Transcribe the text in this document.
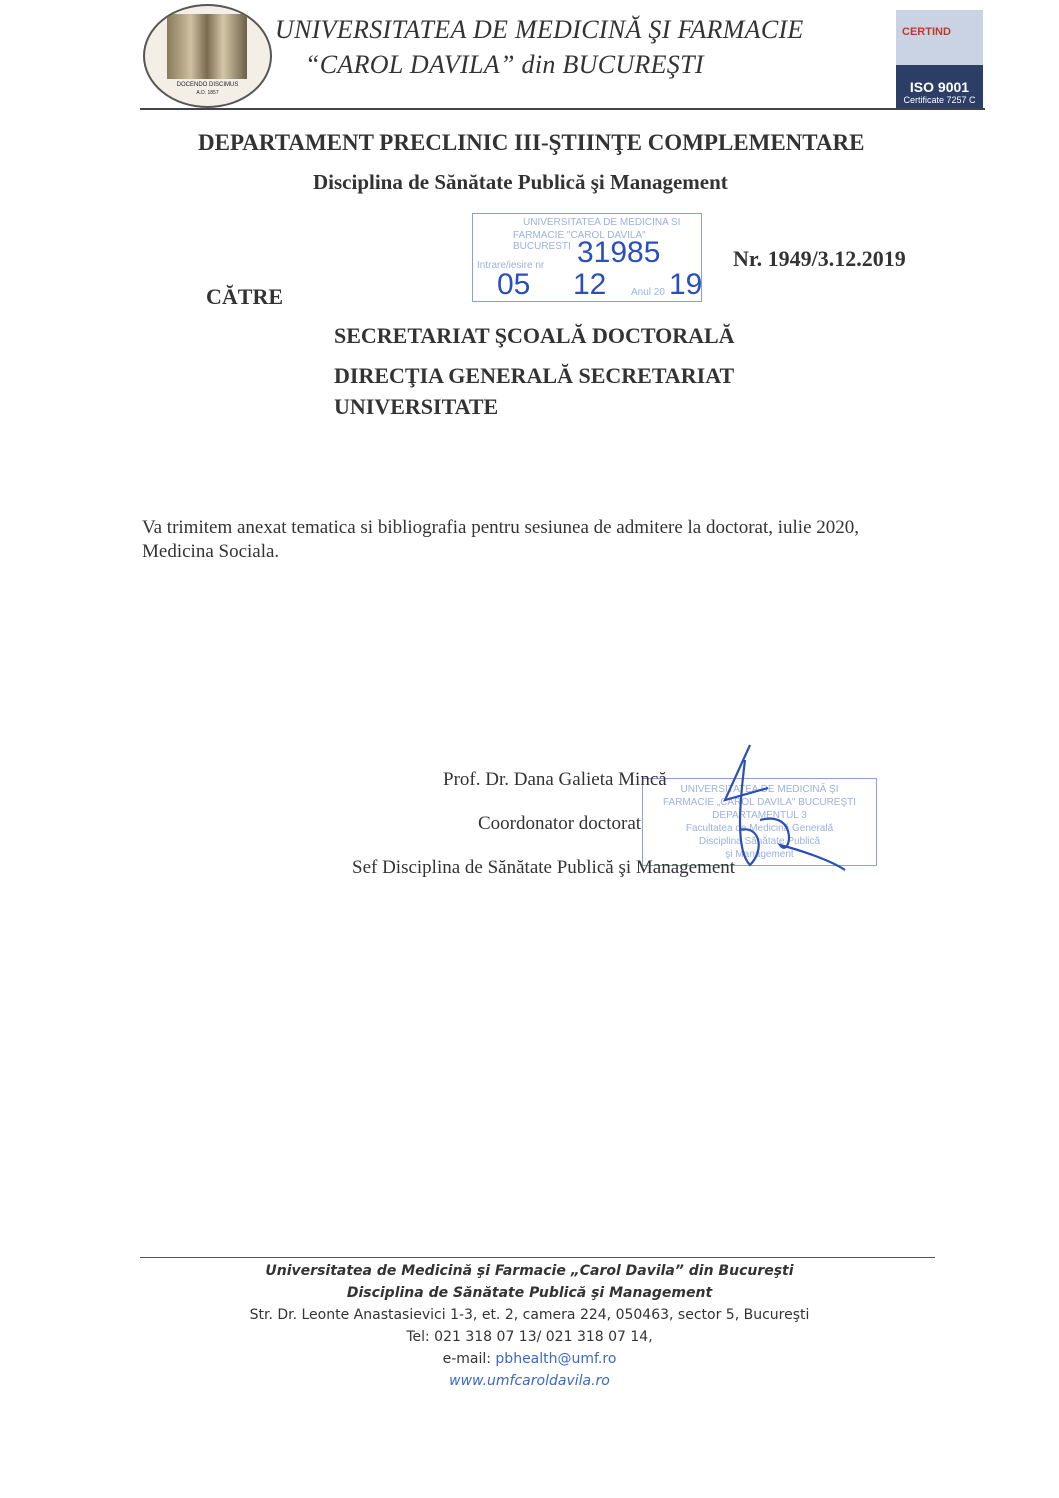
DOCENDO DISCIMUS
A.D. 1857
UNIVERSITATEA DE MEDICINĂ ŞI FARMACIE
“CAROL DAVILA” din BUCUREŞTI
CERTIND
ISO 9001
Certificate 7257 C
DEPARTAMENT PRECLINIC III-ŞTIINŢE COMPLEMENTARE
Disciplina de Sănătate Publică şi Management
UNIVERSITATEA DE MEDICINA SI
FARMACIE "CAROL DAVILA" BUCURESTI
Intrare/iesire nr
Anul 20
31985
05 12 19
Nr. 1949/3.12.2019
CĂTRE
SECRETARIAT ŞCOALĂ DOCTORALĂ
DIRECŢIA GENERALĂ SECRETARIAT
UNIVERSITATE
Va trimitem anexat tematica si bibliografia pentru sesiunea de admitere la doctorat, iulie 2020, Medicina Sociala.
UNIVERSITATEA DE MEDICINĂ ŞI
FARMACIE „CAROL DAVILA" BUCUREŞTI
DEPARTAMENTUL 3
Facultatea de Medicină Generală
Disciplina Sănătate Publică
şi Management
Prof. Dr. Dana Galieta Mincă
Coordonator doctorat
Sef Disciplina de Sănătate Publică şi Management
Universitatea de Medicină şi Farmacie „Carol Davila” din Bucureşti
Disciplina de Sănătate Publică şi Management
Str. Dr. Leonte Anastasievici 1-3, et. 2, camera 224, 050463, sector 5, Bucureşti
Tel: 021 318 07 13/ 021 318 07 14,
e-mail: pbhealth@umf.ro
www.umfcaroldavila.ro
